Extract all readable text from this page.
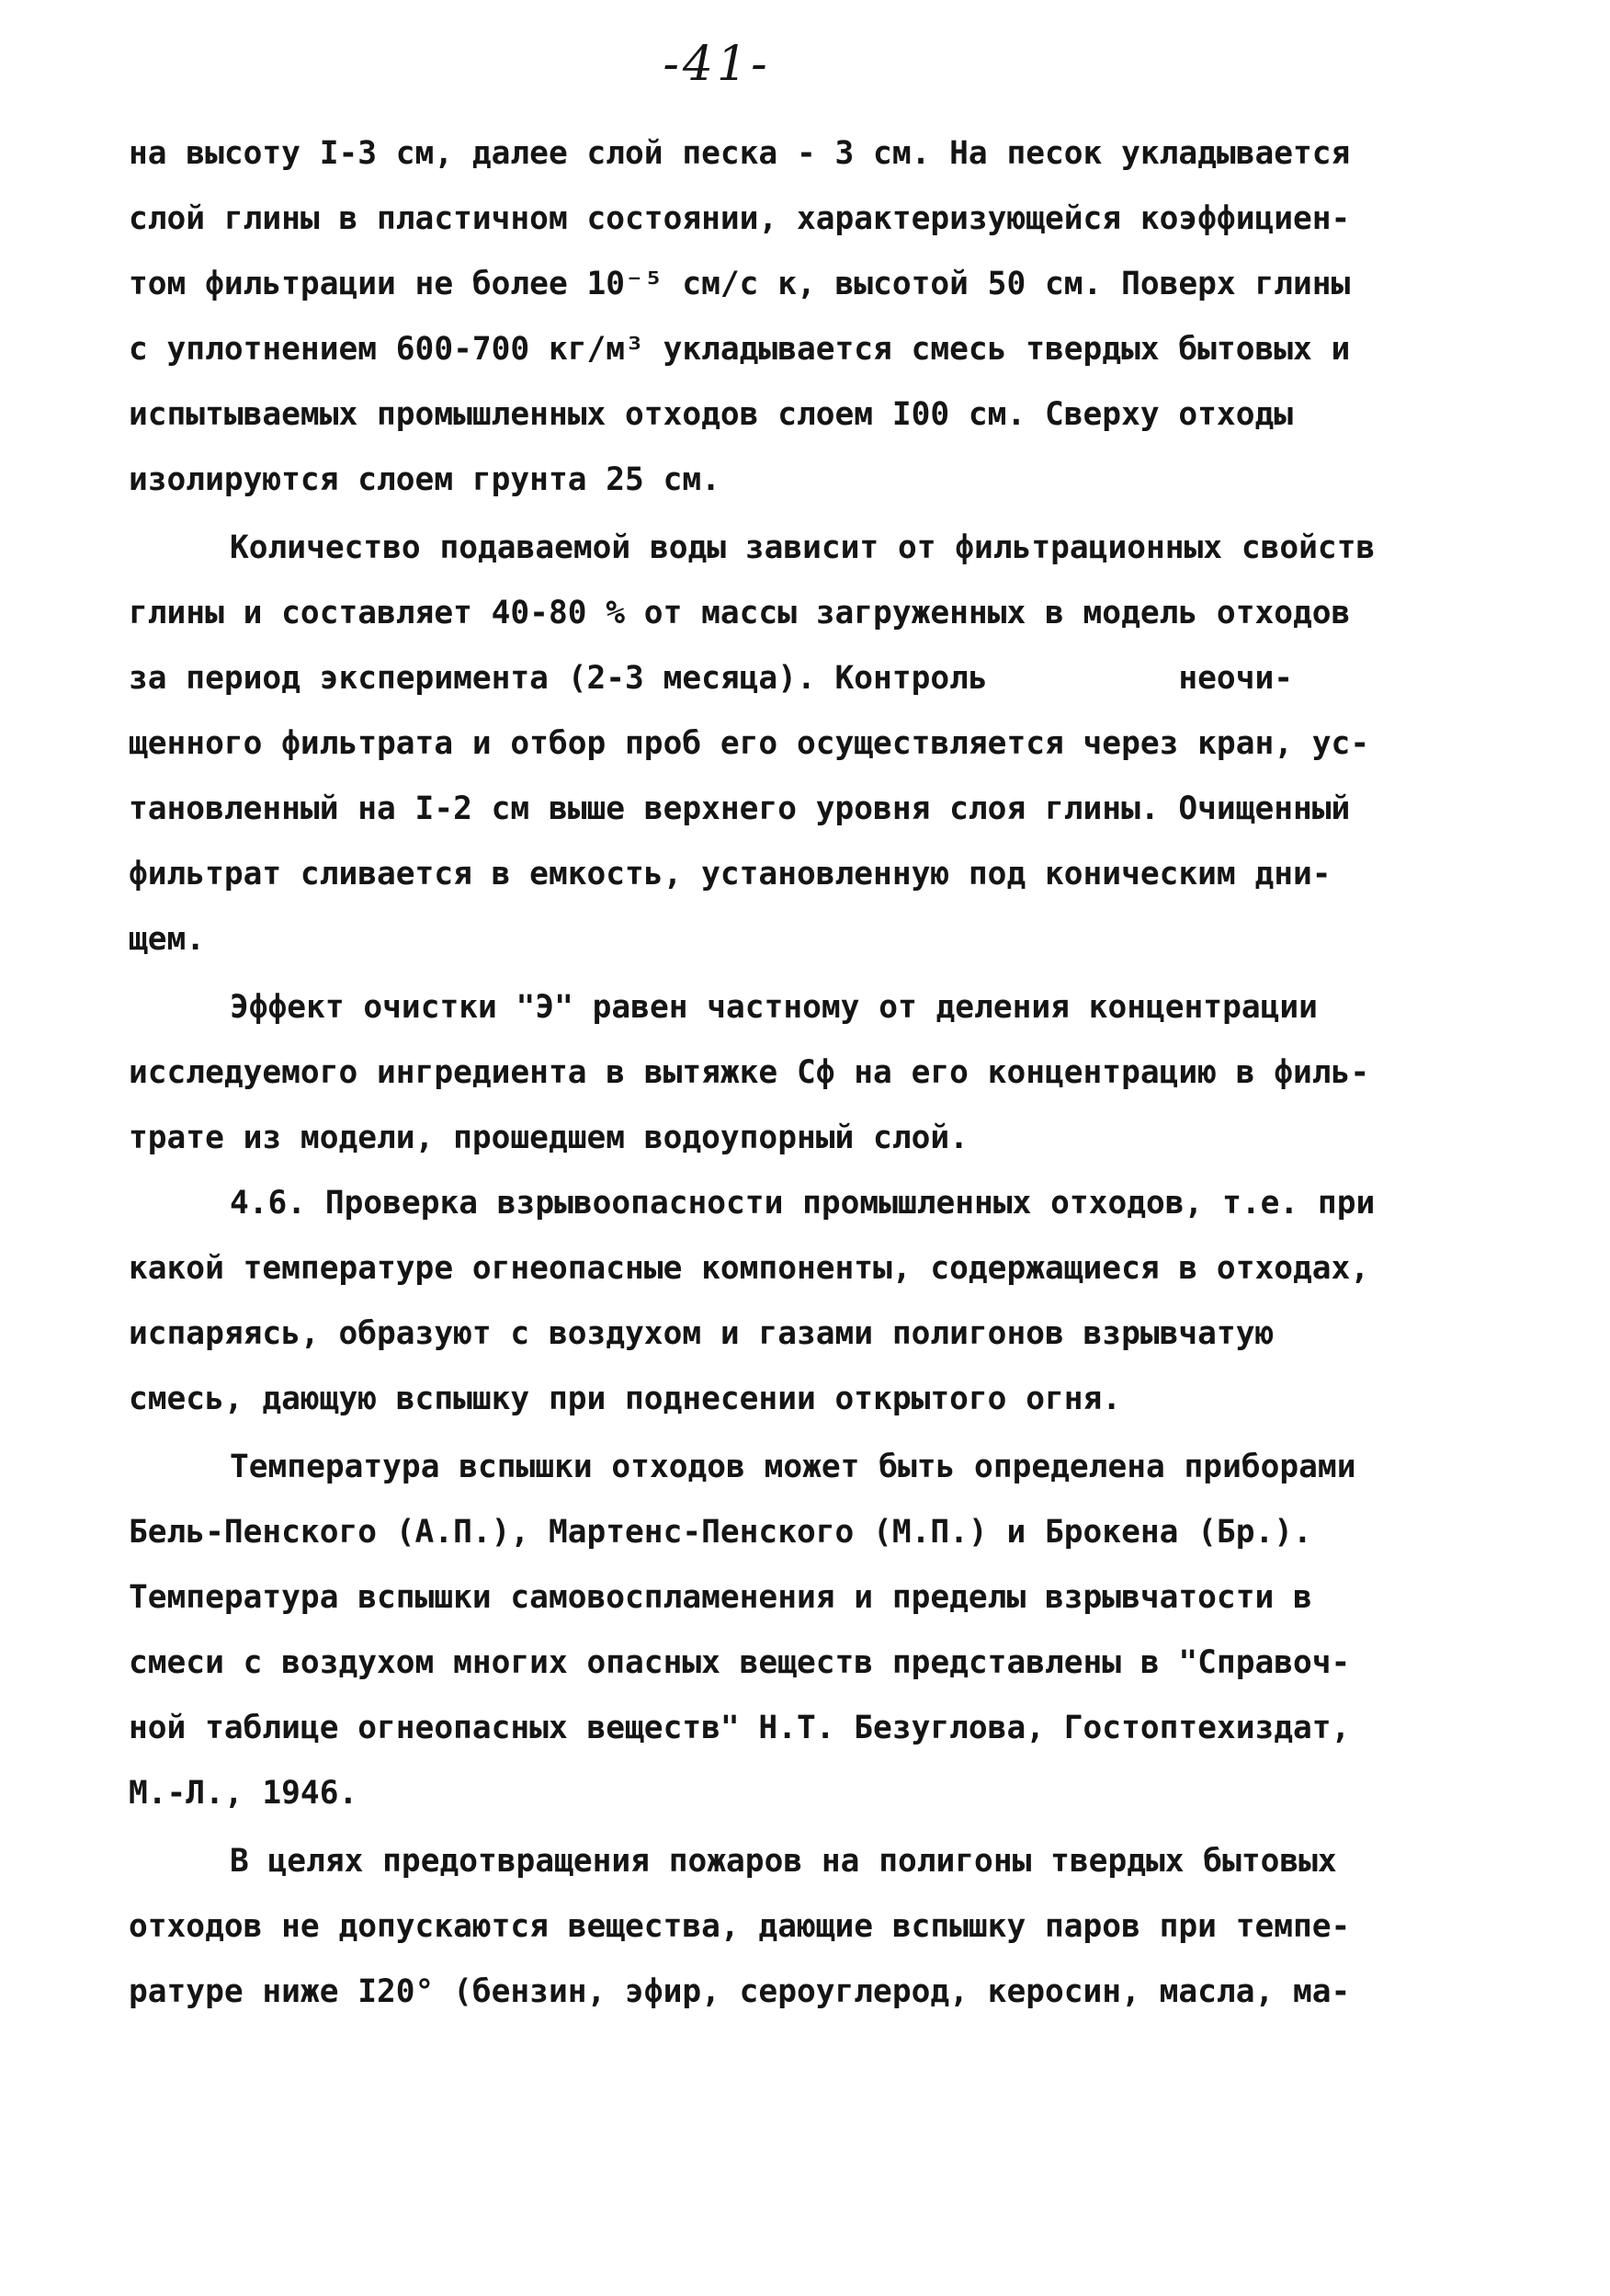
-41-
на высоту I-3 см, далее слой песка - 3 см. На песок укладывается
слой глины в пластичном состоянии, характеризующейся коэффициен-
том фильтрации не более 10⁻⁵ см/с к, высотой 50 см. Поверх глины
с уплотнением 600-700 кг/м³ укладывается смесь твердых бытовых и
испытываемых промышленных отходов слоем I00 см. Сверху отходы
изолируются слоем грунта 25 см.
Количество подаваемой воды зависит от фильтрационных свойств
глины и составляет 40-80 % от массы загруженных в модель отходов
за период эксперимента (2-3 месяца). Контроль          неочи-
щенного фильтрата и отбор проб его осуществляется через кран, ус-
тановленный на I-2 см выше верхнего уровня слоя глины. Очищенный
фильтрат сливается в емкость, установленную под коническим дни-
щем.
Эффект очистки "Э" равен частному от деления концентрации
исследуемого ингредиента в вытяжке Сф на его концентрацию в филь-
трате из модели, прошедшем водоупорный слой.
4.6. Проверка взрывоопасности промышленных отходов, т.е. при
какой температуре огнеопасные компоненты, содержащиеся в отходах,
испаряясь, образуют с воздухом и газами полигонов взрывчатую
смесь, дающую вспышку при поднесении открытого огня.
Температура вспышки отходов может быть определена приборами
Бель-Пенского (А.П.), Мартенс-Пенского (М.П.) и Брокена (Бр.).
Температура вспышки самовоспламенения и пределы взрывчатости в
смеси с воздухом многих опасных веществ представлены в "Справоч-
ной таблице огнеопасных веществ" Н.Т. Безуглова, Гостоптехиздат,
М.-Л., 1946.
В целях предотвращения пожаров на полигоны твердых бытовых
отходов не допускаются вещества, дающие вспышку паров при темпе-
ратуре ниже I20° (бензин, эфир, сероуглерод, керосин, масла, ма-
